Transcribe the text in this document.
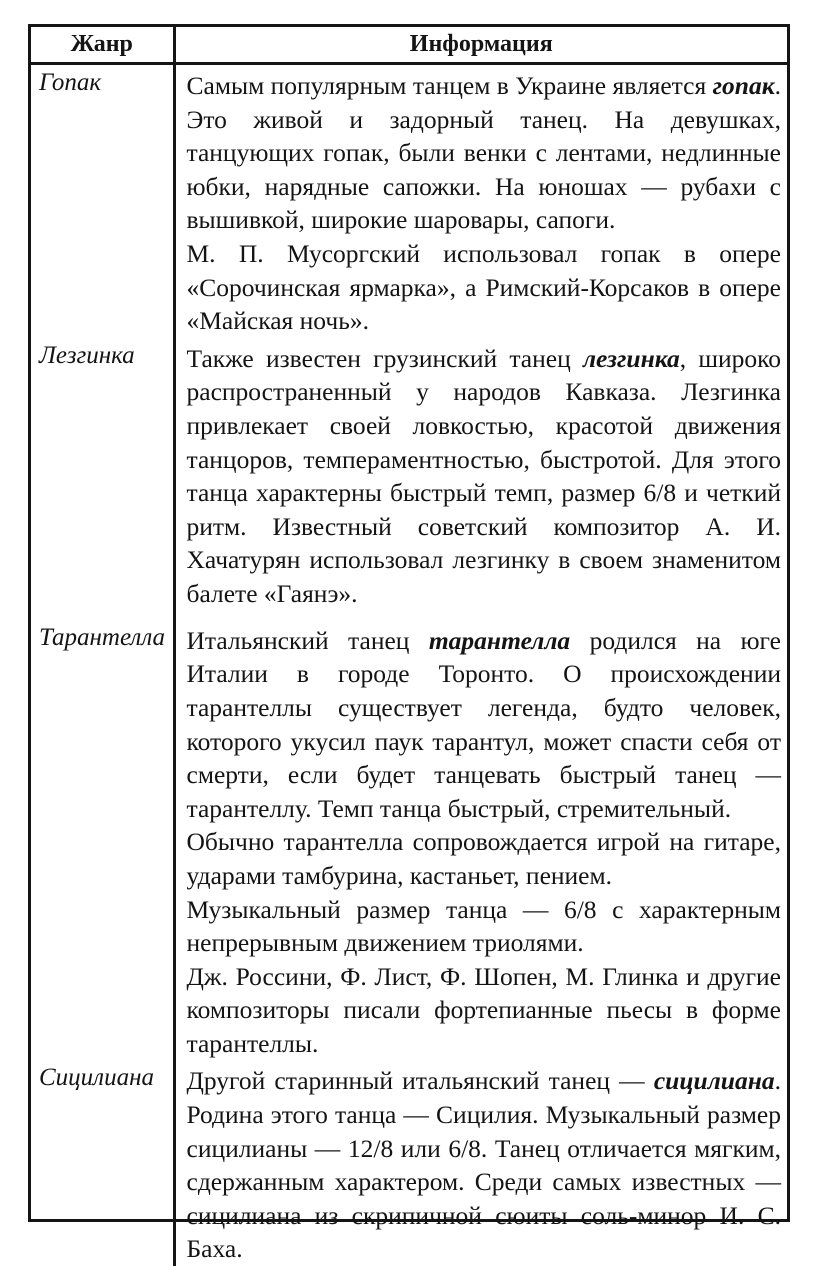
Жанр	Информация
Гопак	Самым популярным танцем в Украине является гопак. Это живой и задорный танец. На девушках, танцующих гопак, были венки с лентами, недлинные юбки, нарядные сапожки. На юношах — рубахи с вышивкой, широкие шаровары, сапоги.
М. П. Мусоргский использовал гопак в опере «Сорочинская ярмарка», а Римский-Корсаков в опере «Майская ночь».

Лезгинка	Также известен грузинский танец лезгинка, широко распространенный у народов Кавказа. Лезгинка привлекает своей ловкостью, красотой движения танцоров, темпераментностью, быстротой. Для этого танца характерны быстрый темп, размер 6/8 и четкий ритм. Известный советский композитор А. И. Хачатурян использовал лезгинку в своем знаменитом балете «Гаянэ».

Тарантелла	Итальянский танец тарантелла родился на юге Италии в городе Торонто. О происхождении тарантеллы существует легенда, будто человек, которого укусил паук тарантул, может спасти себя от смерти, если будет танцевать быстрый танец — тарантеллу. Темп танца быстрый, стремительный.
Обычно тарантелла сопровождается игрой на гитаре, ударами тамбурина, кастаньет, пением.
Музыкальный размер танца — 6/8 с характерным непрерывным движением триолями.
Дж. Россини, Ф. Лист, Ф. Шопен, М. Глинка и другие композиторы писали фортепианные пьесы в форме тарантеллы.

Сицилиана	Другой старинный итальянский танец — сицилиана. Родина этого танца — Сицилия. Музыкальный размер сицилианы — 12/8 или 6/8. Танец отличается мягким, сдержанным характером. Среди самых известных — сицилиана из скрипичной сюиты соль-минор И. С. Баха.
